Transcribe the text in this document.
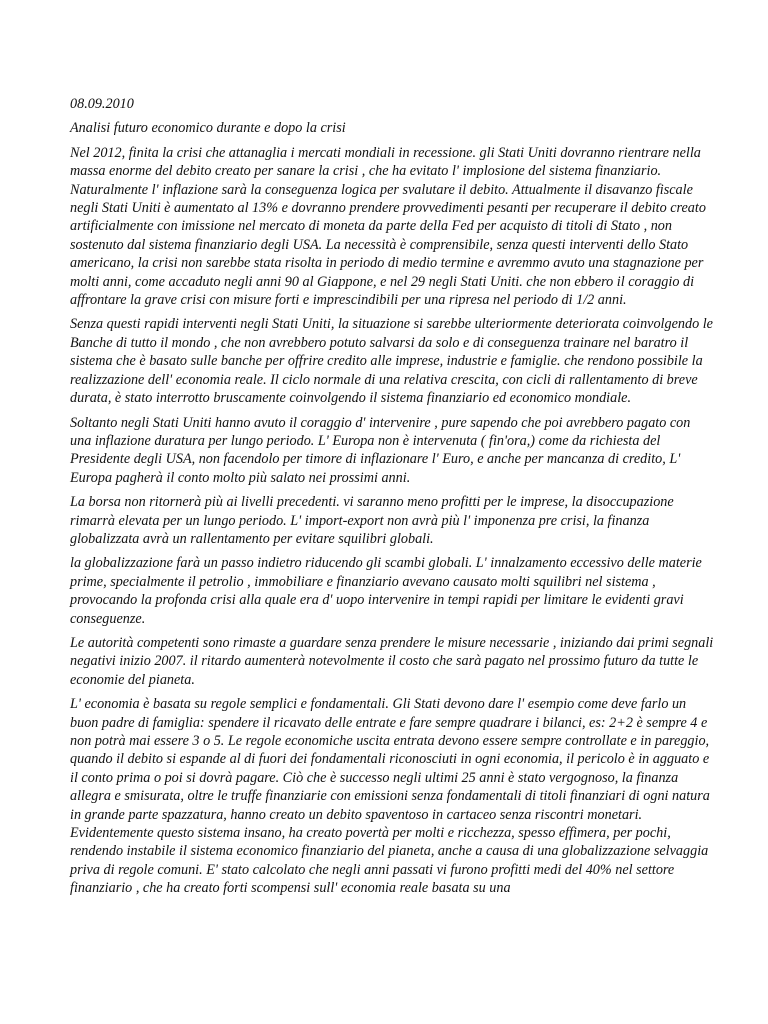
08.09.2010

Analisi futuro economico durante e dopo la crisi

Nel 2012, finita la crisi che attanaglia i mercati mondiali in recessione. gli Stati Uniti dovranno rientrare nella massa enorme del debito creato per sanare la crisi , che ha evitato l' implosione del sistema finanziario. Naturalmente l' inflazione sarà la conseguenza logica per svalutare il debito. Attualmente il disavanzo fiscale negli Stati Uniti è aumentato al 13% e dovranno prendere provvedimenti pesanti per recuperare il debito creato artificialmente con imissione nel mercato di moneta da parte della Fed per acquisto di titoli di Stato , non sostenuto dal sistema finanziario degli USA. La necessità è comprensibile, senza questi interventi dello Stato americano, la crisi non sarebbe stata risolta in periodo di medio termine e avremmo avuto una stagnazione per molti anni, come accaduto negli anni 90 al Giappone, e nel 29 negli Stati Uniti. che non ebbero il coraggio di affrontare la grave crisi con misure forti e imprescindibili per una ripresa nel periodo di 1/2 anni.

Senza questi rapidi interventi negli Stati Uniti, la situazione si sarebbe ulteriormente deteriorata coinvolgendo le Banche di tutto il mondo , che non avrebbero potuto salvarsi da solo e di conseguenza trainare nel baratro il sistema che è basato sulle banche per offrire credito alle imprese, industrie e famiglie. che rendono possibile la realizzazione dell' economia reale. Il ciclo normale di una relativa crescita, con cicli di rallentamento di breve durata, è stato interrotto bruscamente coinvolgendo il sistema finanziario ed economico mondiale.

Soltanto negli Stati Uniti hanno avuto il coraggio d' intervenire , pure sapendo che poi avrebbero pagato con una inflazione duratura per lungo periodo. L' Europa non è intervenuta ( fin'ora,) come da richiesta del Presidente degli USA, non facendolo per timore di inflazionare l' Euro, e anche per mancanza di credito, L' Europa pagherà il conto molto più salato nei prossimi anni.

La borsa non ritornerà più ai livelli precedenti. vi saranno meno profitti per le imprese, la disoccupazione rimarrà elevata per un lungo periodo. L' import-export non avrà più l' imponenza pre crisi, la finanza globalizzata avrà un rallentamento per evitare squilibri globali.

la globalizzazione farà un passo indietro riducendo gli scambi globali. L' innalzamento eccessivo delle materie prime, specialmente il petrolio , immobiliare e finanziario avevano causato molti squilibri nel sistema , provocando la profonda crisi alla quale era d' uopo intervenire in tempi rapidi per limitare le evidenti gravi conseguenze.

Le autorità competenti sono rimaste a guardare senza prendere le misure necessarie , iniziando dai primi segnali negativi inizio 2007. il ritardo aumenterà notevolmente il costo che sarà pagato nel prossimo futuro da tutte le economie del pianeta.

L' economia è basata su regole semplici e fondamentali. Gli Stati devono dare l' esempio come deve farlo un buon padre di famiglia: spendere il ricavato delle entrate e fare sempre quadrare i bilanci, es: 2+2 è sempre 4 e non potrà mai essere 3 o 5. Le regole economiche uscita entrata devono essere sempre controllate e in pareggio, quando il debito si espande al di fuori dei fondamentali riconosciuti in ogni economia, il pericolo è in agguato e il conto prima o poi si dovrà pagare. Ciò che è successo negli ultimi 25 anni è stato vergognoso, la finanza allegra e smisurata, oltre le truffe finanziarie con emissioni senza fondamentali di titoli finanziari di ogni natura in grande parte spazzatura, hanno creato un debito spaventoso in cartaceo senza riscontri monetari. Evidentemente questo sistema insano, ha creato povertà per molti e ricchezza, spesso effimera, per pochi, rendendo instabile il sistema economico finanziario del pianeta, anche a causa di una globalizzazione selvaggia priva di regole comuni. E' stato calcolato che negli anni passati vi furono profitti medi del 40% nel settore finanziario , che ha creato forti scompensi sull' economia reale basata su una
